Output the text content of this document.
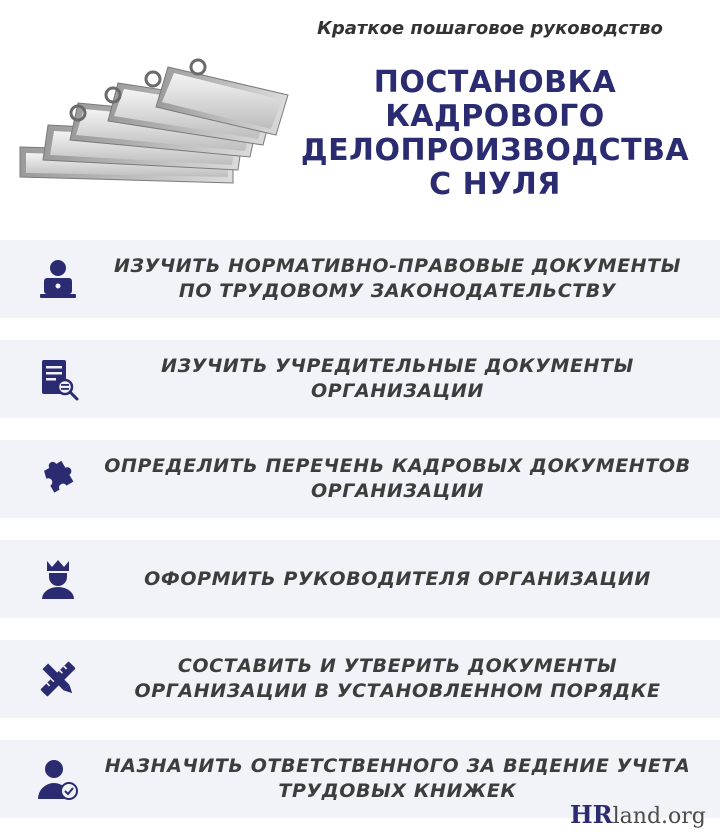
Краткое пошаговое руководство
ПОСТАНОВКА
КАДРОВОГО
ДЕЛОПРОИЗВОДСТВА
С НУЛЯ
ИЗУЧИТЬ НОРМАТИВНО-ПРАВОВЫЕ ДОКУМЕНТЫ
ПО ТРУДОВОМУ ЗАКОНОДАТЕЛЬСТВУ
ИЗУЧИТЬ УЧРЕДИТЕЛЬНЫЕ ДОКУМЕНТЫ
ОРГАНИЗАЦИИ
ОПРЕДЕЛИТЬ ПЕРЕЧЕНЬ КАДРОВЫХ ДОКУМЕНТОВ
ОРГАНИЗАЦИИ
ОФОРМИТЬ РУКОВОДИТЕЛЯ ОРГАНИЗАЦИИ
СОСТАВИТЬ И УТВЕРИТЬ ДОКУМЕНТЫ
ОРГАНИЗАЦИИ В УСТАНОВЛЕННОМ ПОРЯДКЕ
НАЗНАЧИТЬ ОТВЕТСТВЕННОГО ЗА ВЕДЕНИЕ УЧЕТА
ТРУДОВЫХ КНИЖЕК
HRland.org
